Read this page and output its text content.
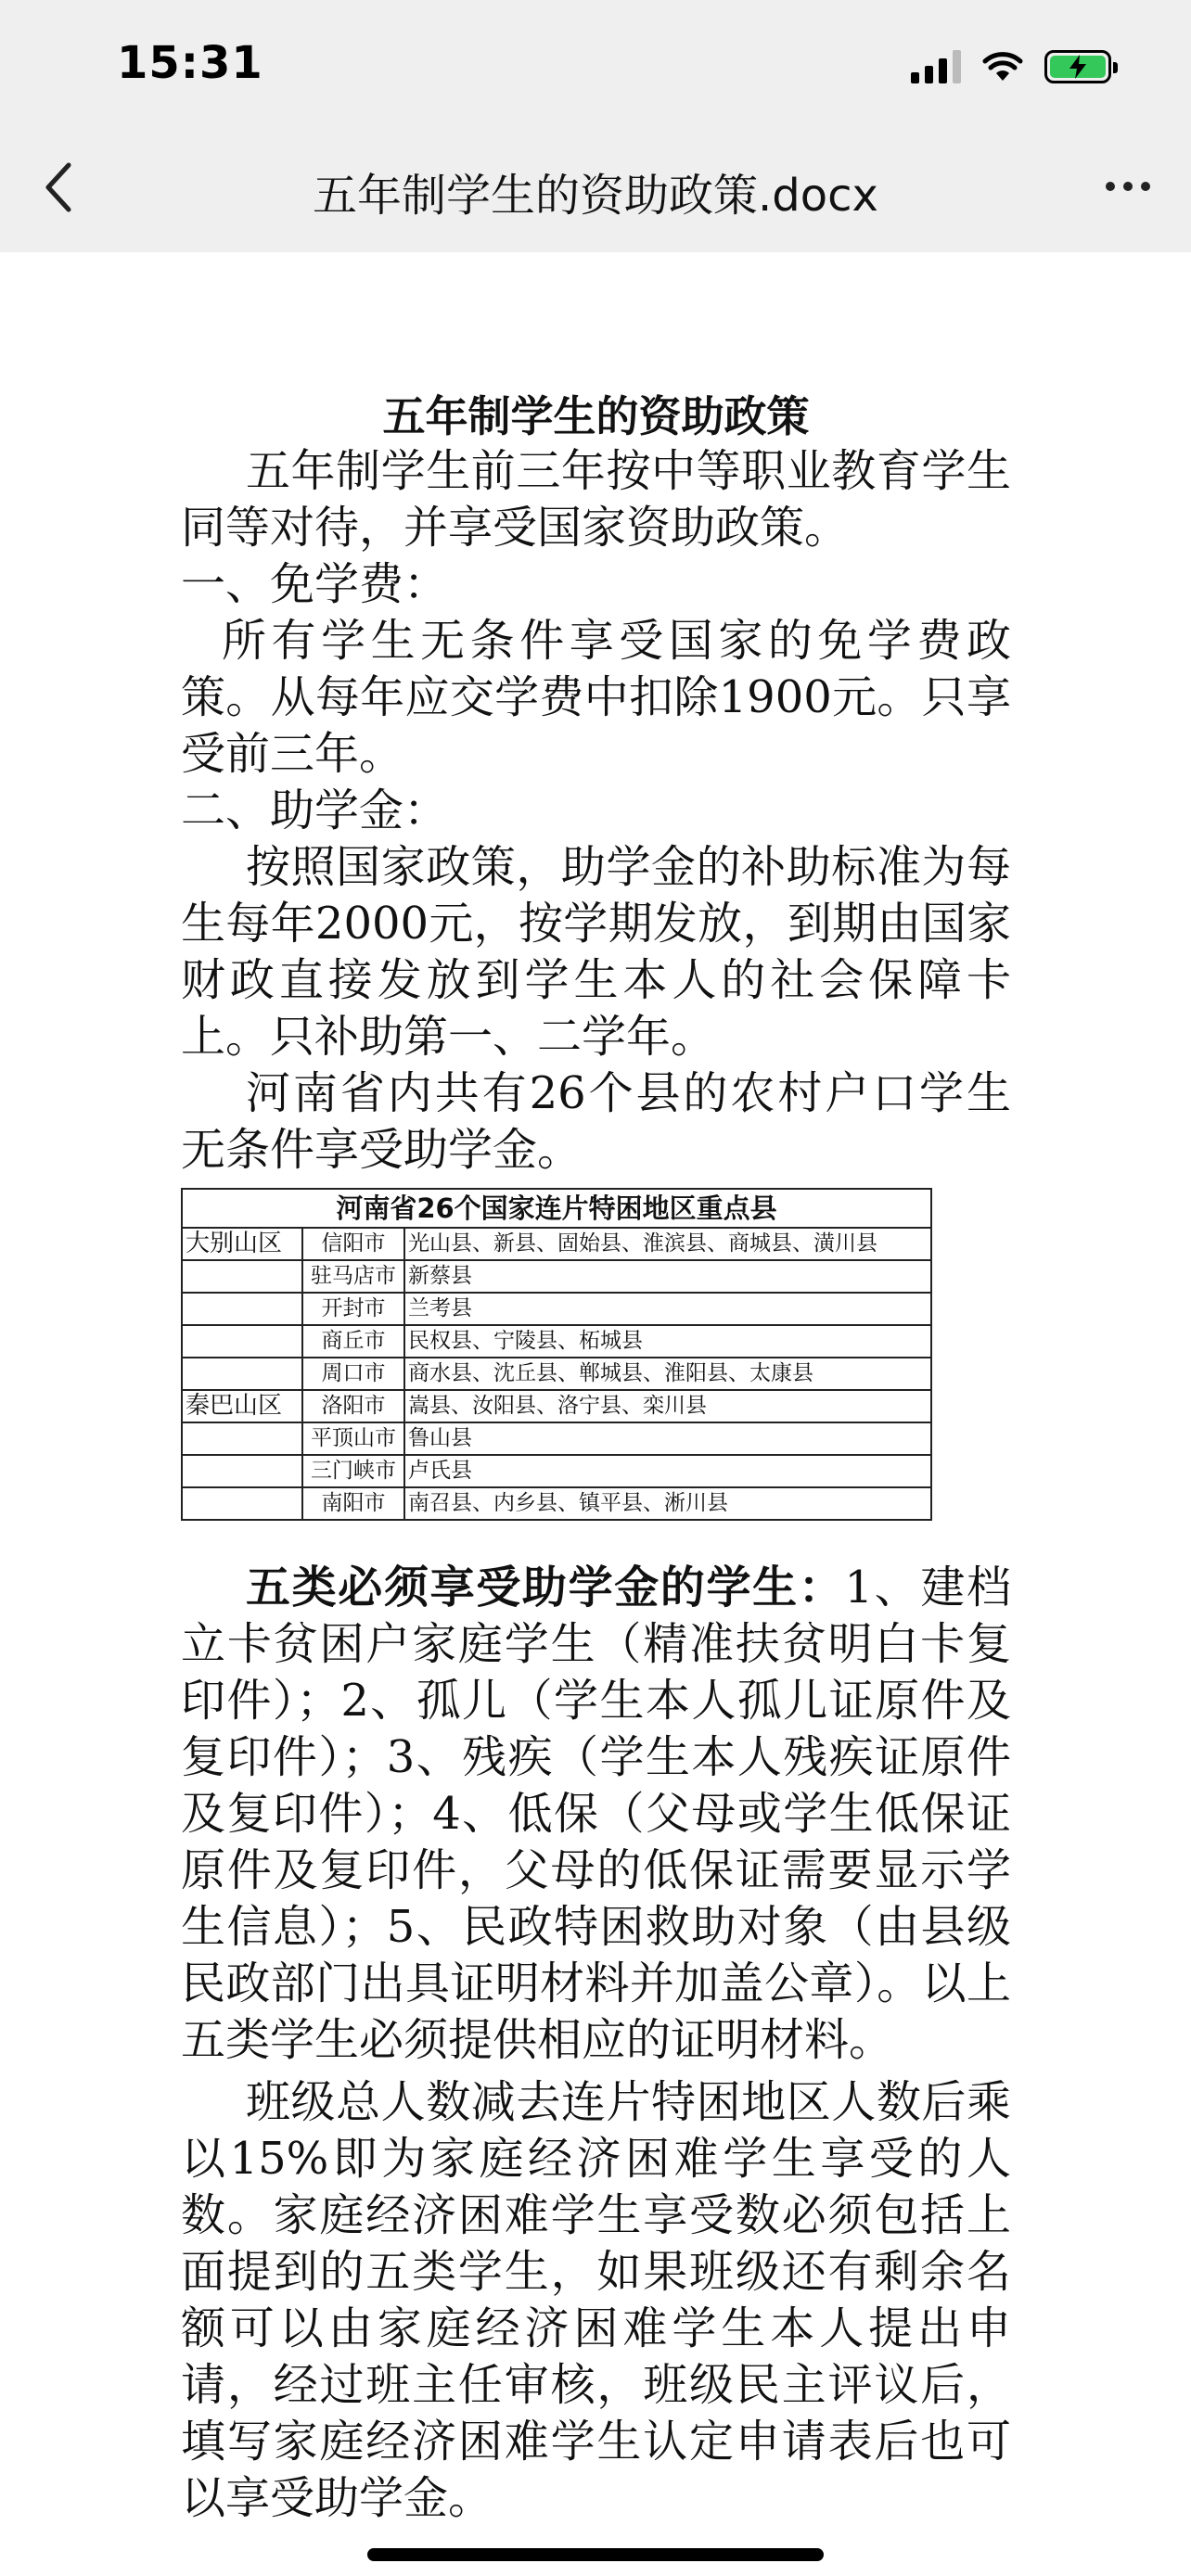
15:31
五年制学生的资助政策.docx

五年制学生的资助政策

五年制学生前三年按中等职业教育学生同等对待，并享受国家资助政策。

一、免学费：

所有学生无条件享受国家的免学费政策。从每年应交学费中扣除1900元。只享受前三年。

二、助学金：

按照国家政策，助学金的补助标准为每生每年2000元，按学期发放，到期由国家财政直接发放到学生本人的社会保障卡上。只补助第一、二学年。

河南省内共有26个县的农村户口学生无条件享受助学金。

河南省26个国家连片特困地区重点县		
大别山区	信阳市	光山县、新县、固始县、淮滨县、商城县、潢川县
	驻马店市	新蔡县
	开封市	兰考县
	商丘市	民权县、宁陵县、柘城县
	周口市	商水县、沈丘县、郸城县、淮阳县、太康县
秦巴山区	洛阳市	嵩县、汝阳县、洛宁县、栾川县
	平顶山市	鲁山县
	三门峡市	卢氏县
	南阳市	南召县、内乡县、镇平县、淅川县

五类必须享受助学金的学生：1、建档立卡贫困户家庭学生（精准扶贫明白卡复印件）；2、孤儿（学生本人孤儿证原件及复印件）；3、残疾（学生本人残疾证原件及复印件）；4、低保（父母或学生低保证原件及复印件，父母的低保证需要显示学生信息）；5、民政特困救助对象（由县级民政部门出具证明材料并加盖公章）。以上五类学生必须提供相应的证明材料。

班级总人数减去连片特困地区人数后乘以15%即为家庭经济困难学生享受的人数。家庭经济困难学生享受数必须包括上面提到的五类学生，如果班级还有剩余名额可以由家庭经济困难学生本人提出申请，经过班主任审核，班级民主评议后，填写家庭经济困难学生认定申请表后也可以享受助学金。
